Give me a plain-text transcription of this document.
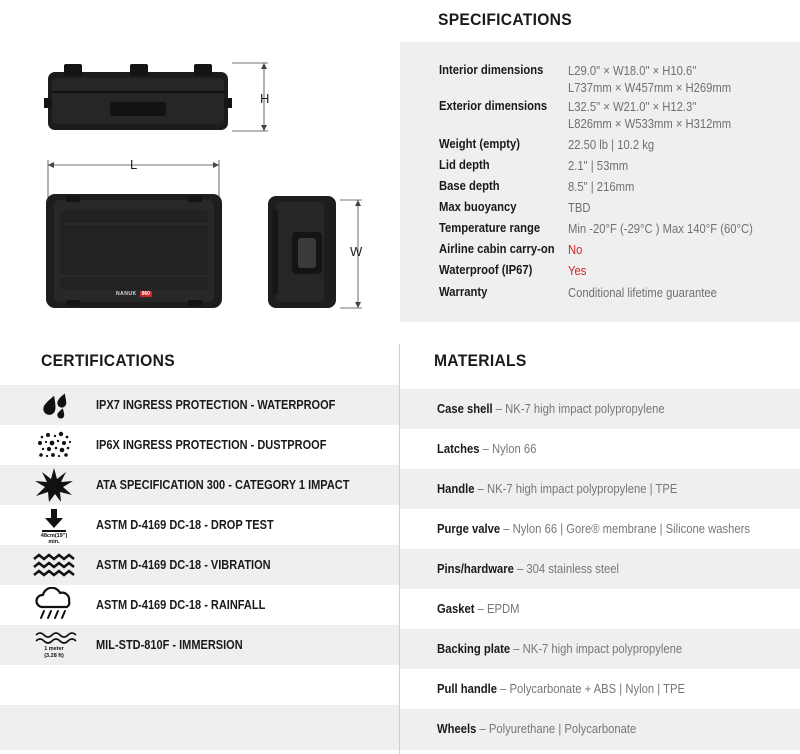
H
L
W
NANUK	960
SPECIFICATIONS
Interior dimensions	L29.0" × W18.0" × H10.6"
L737mm × W457mm × H269mm
Exterior dimensions	L32.5" × W21.0" × H12.3"
L826mm × W533mm × H312mm
Weight (empty)	22.50 lb | 10.2 kg
Lid depth	2.1" | 53mm
Base depth	8.5" | 216mm
Max buoyancy	TBD
Temperature range	Min -20°F (-29°C ) Max 140°F (60°C)
Airline cabin carry-on	No
Waterproof (IP67)	Yes
Warranty	Conditional lifetime guarantee
CERTIFICATIONS
IPX7 INGRESS PROTECTION - WATERPROOF
IP6X INGRESS PROTECTION - DUSTPROOF
ATA SPECIFICATION 300 - CATEGORY 1 IMPACT
48cm(19")
min.
ASTM D-4169 DC-18 - DROP TEST
ASTM D-4169 DC-18 - VIBRATION
ASTM D-4169 DC-18 - RAINFALL
1 meter
(3.28 ft)
MIL-STD-810F - IMMERSION
MATERIALS
Case shell – NK-7 high impact polypropylene
Latches – Nylon 66
Handle – NK-7 high impact polypropylene | TPE
Purge valve – Nylon 66 | Gore® membrane | Silicone washers
Pins/hardware – 304 stainless steel
Gasket – EPDM
Backing plate – NK-7 high impact polypropylene
Pull handle – Polycarbonate + ABS | Nylon | TPE
Wheels – Polyurethane | Polycarbonate
